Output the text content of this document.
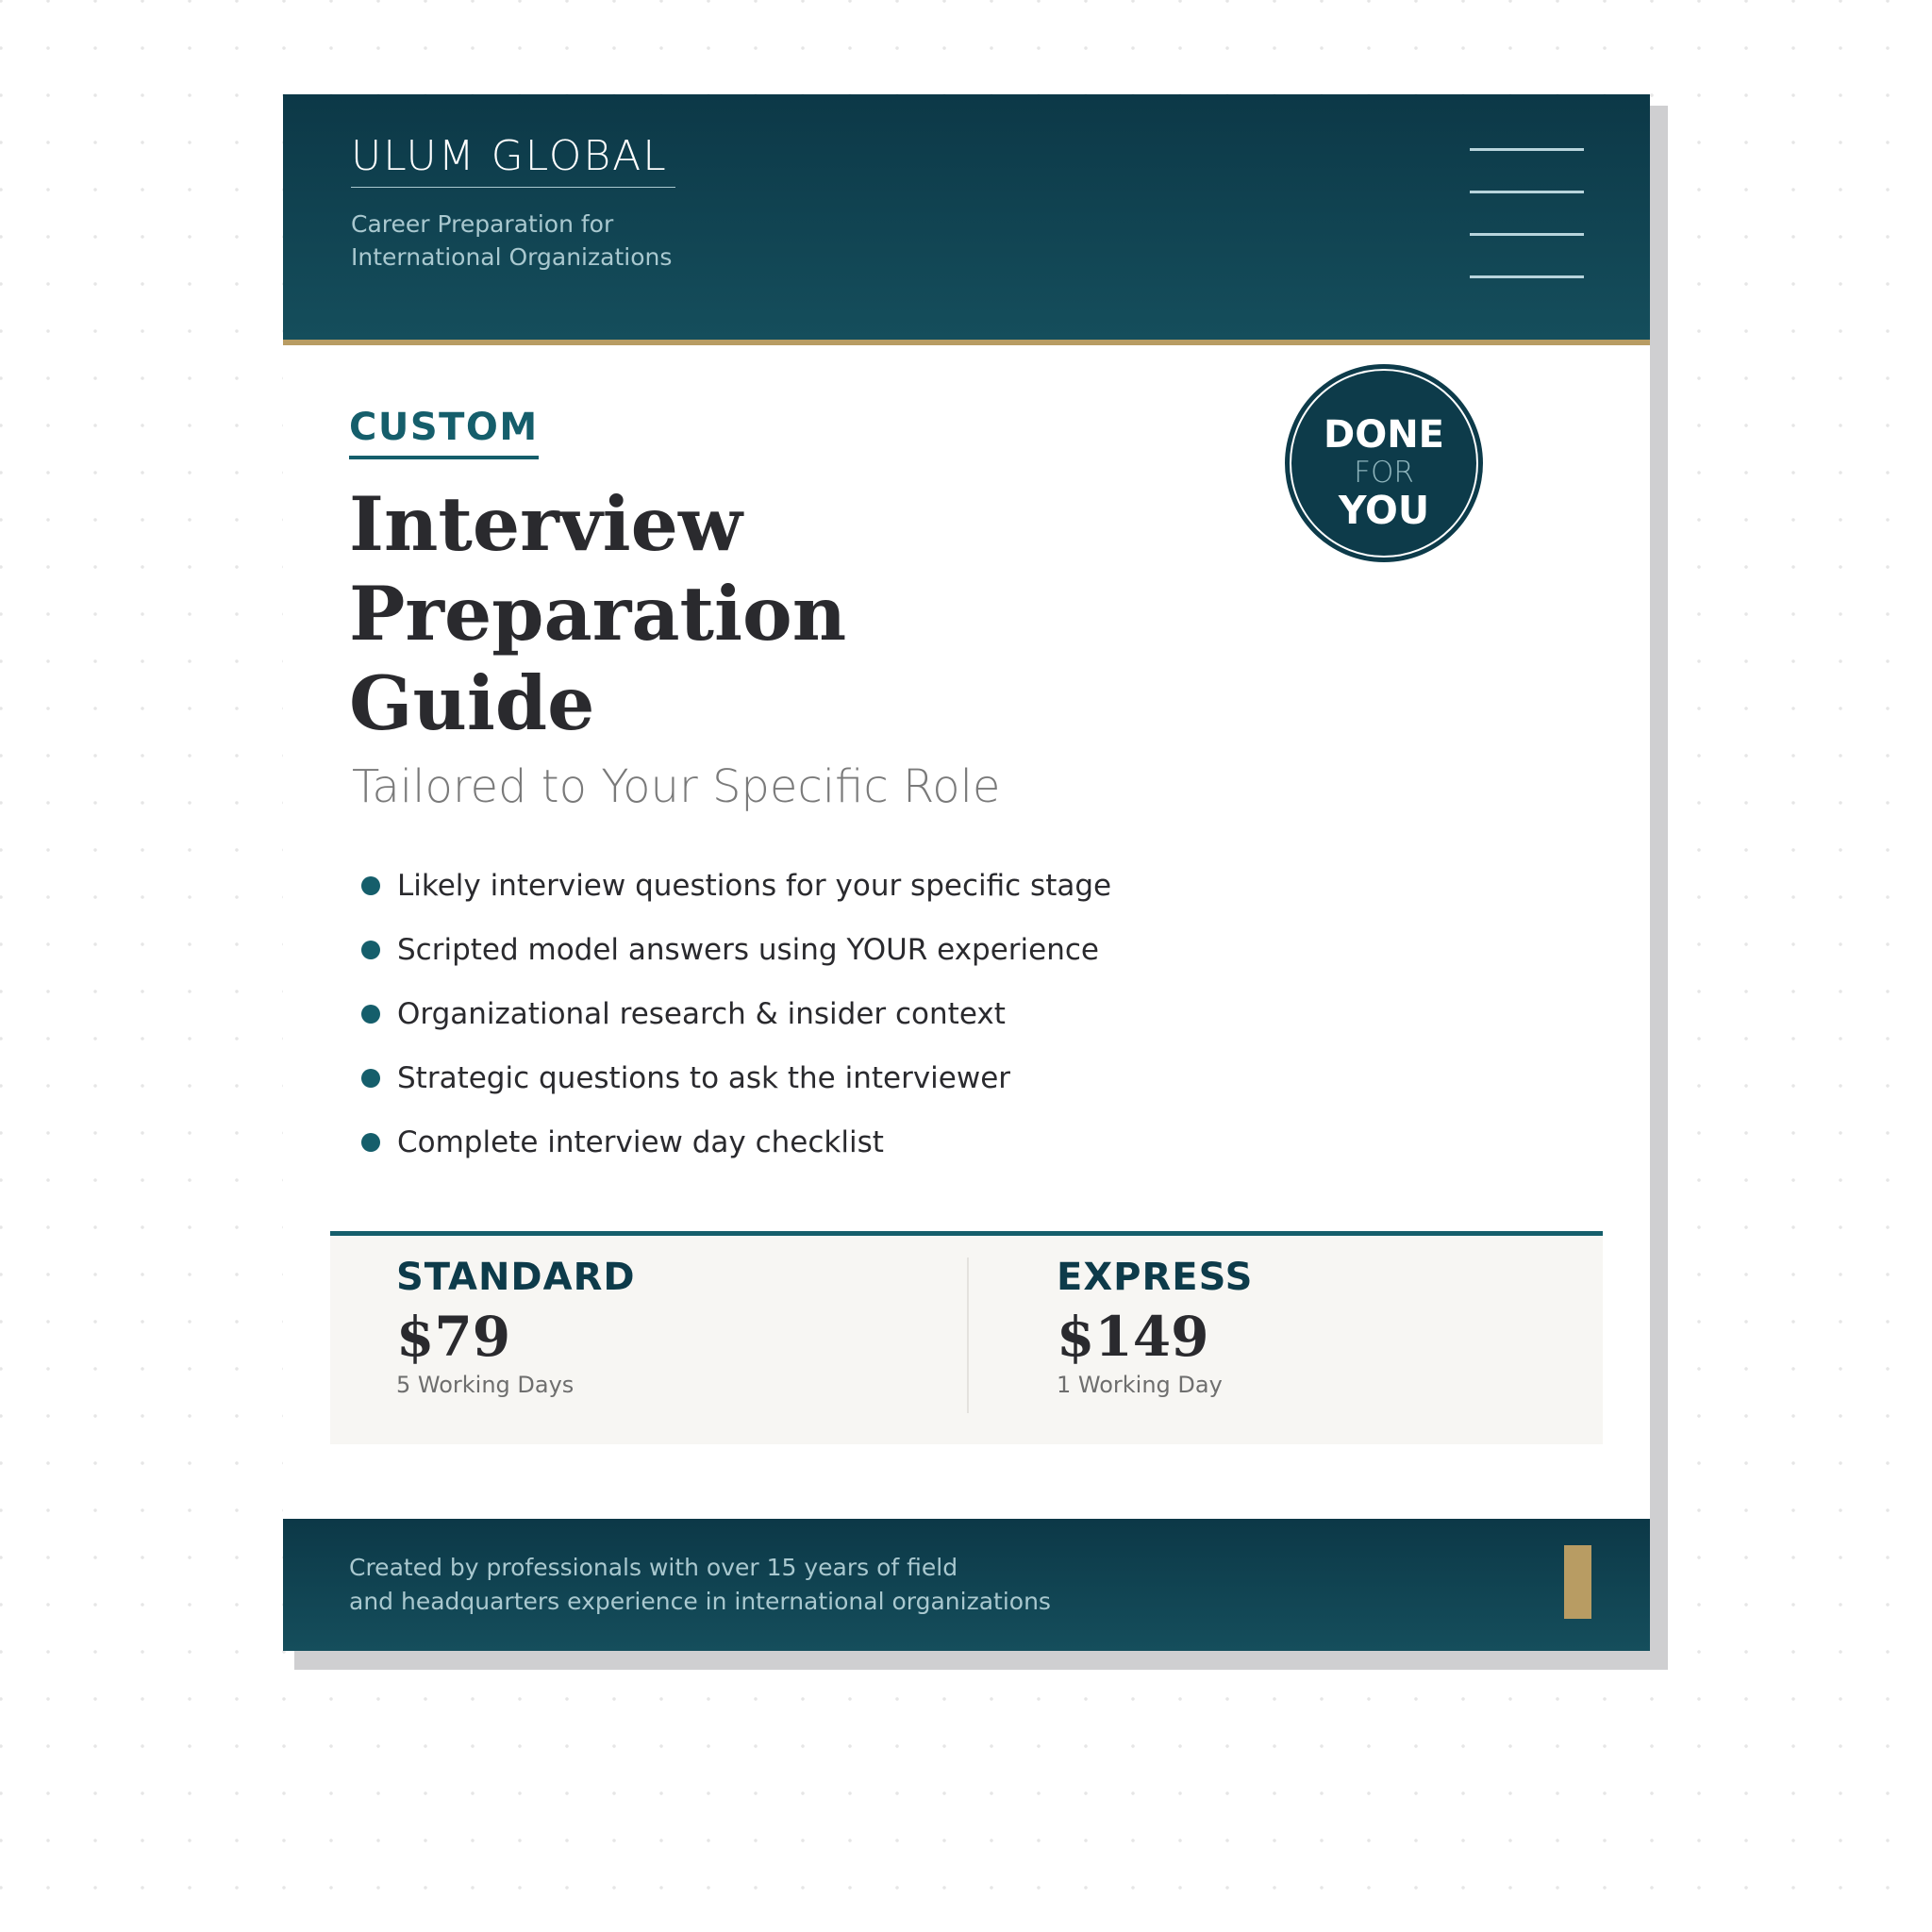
ULUM GLOBAL
Career Preparation for
International Organizations
DONE
FOR
YOU
CUSTOM
Interview
Preparation
Guide
Tailored to Your Specific Role
Likely interview questions for your specific stage
Scripted model answers using YOUR experience
Organizational research & insider context
Strategic questions to ask the interviewer
Complete interview day checklist
STANDARD
$79
5 Working Days
EXPRESS
$149
1 Working Day
Created by professionals with over 15 years of field
and headquarters experience in international organizations
